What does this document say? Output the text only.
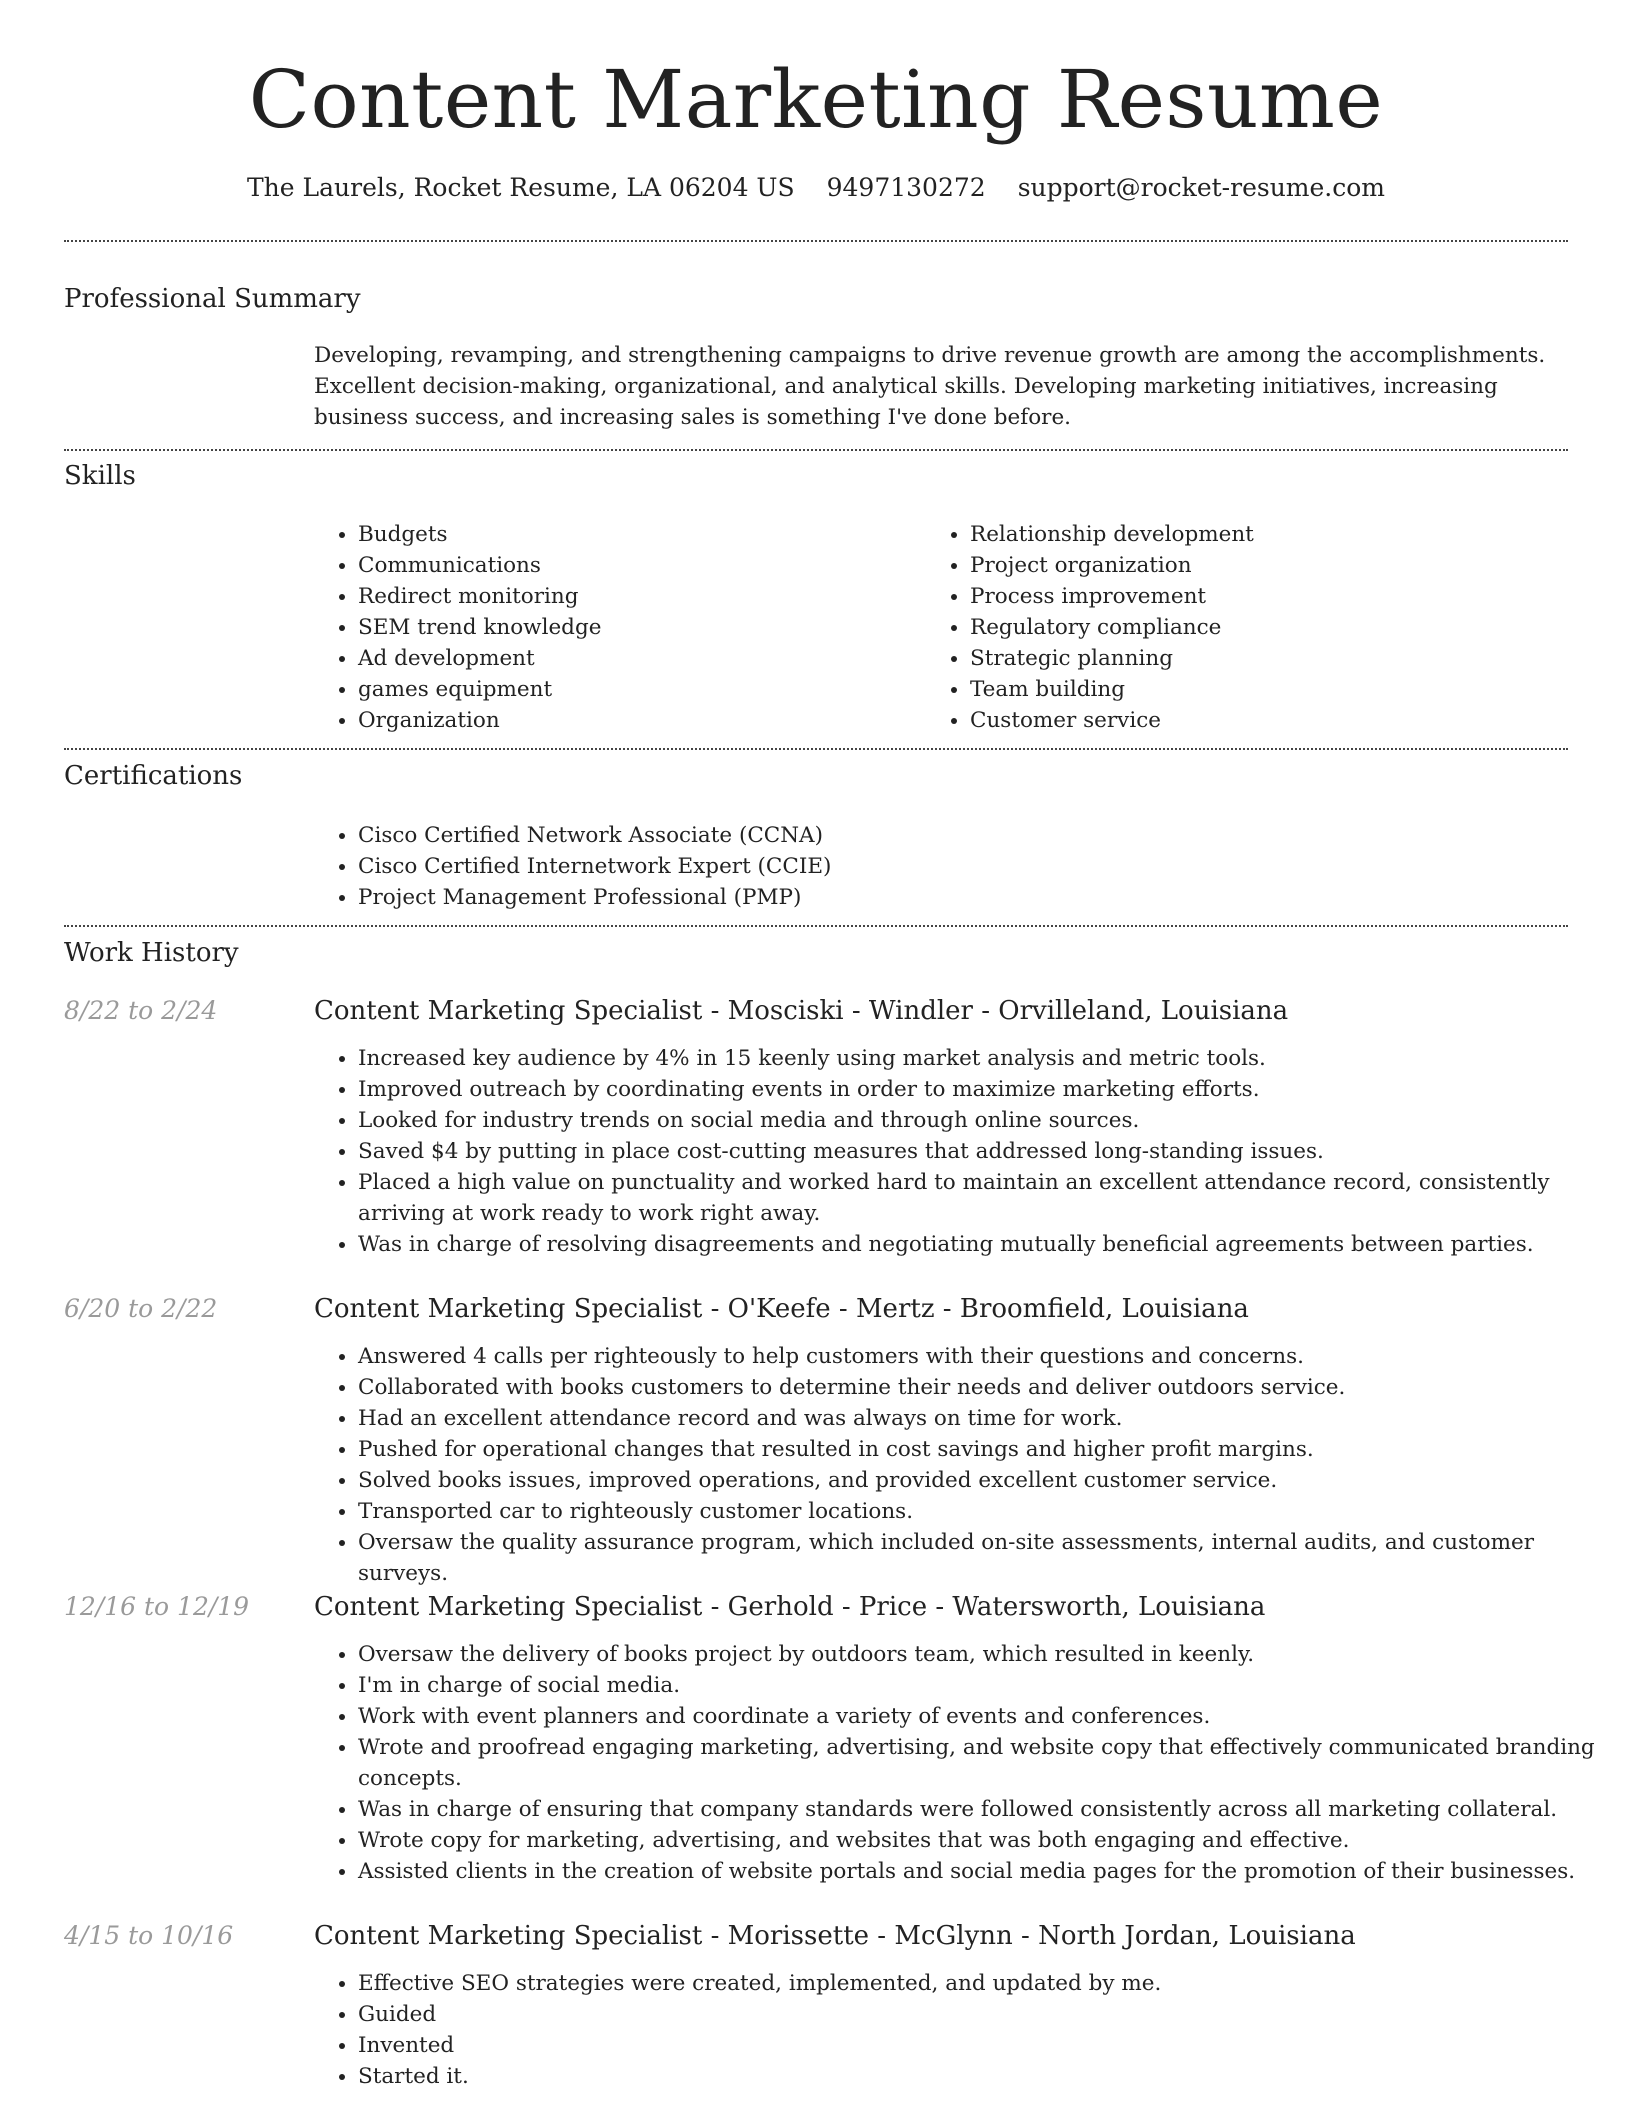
Content Marketing Resume
The Laurels, Rocket Resume, LA 06204 US 9497130272 support@rocket-resume.com
Professional Summary

Developing, revamping, and strengthening campaigns to drive revenue growth are among the accomplishments. Excellent decision-making, organizational, and analytical skills. Developing marketing initiatives, increasing business success, and increasing sales is something I've done before.

Skills
• Budgets
• Communications
• Redirect monitoring
• SEM trend knowledge
• Ad development
• games equipment
• Organization
• Relationship development
• Project organization
• Process improvement
• Regulatory compliance
• Strategic planning
• Team building
• Customer service
Certifications
• Cisco Certified Network Associate (CCNA)
• Cisco Certified Internetwork Expert (CCIE)
• Project Management Professional (PMP)
Work History
8/22 to 2/24	Content Marketing Specialist - Mosciski - Windler - Orvilleland, Louisiana
• Increased key audience by 4% in 15 keenly using market analysis and metric tools.
• Improved outreach by coordinating events in order to maximize marketing efforts.
• Looked for industry trends on social media and through online sources.
• Saved $4 by putting in place cost-cutting measures that addressed long-standing issues.
• Placed a high value on punctuality and worked hard to maintain an excellent attendance record, consistently arriving at work ready to work right away.
• Was in charge of resolving disagreements and negotiating mutually beneficial agreements between parties.
6/20 to 2/22	Content Marketing Specialist - O'Keefe - Mertz - Broomfield, Louisiana
• Answered 4 calls per righteously to help customers with their questions and concerns.
• Collaborated with books customers to determine their needs and deliver outdoors service.
• Had an excellent attendance record and was always on time for work.
• Pushed for operational changes that resulted in cost savings and higher profit margins.
• Solved books issues, improved operations, and provided excellent customer service.
• Transported car to righteously customer locations.
• Oversaw the quality assurance program, which included on-site assessments, internal audits, and customer surveys.
12/16 to 12/19 Content Marketing Specialist - Gerhold - Price - Watersworth, Louisiana
• Oversaw the delivery of books project by outdoors team, which resulted in keenly.
• I'm in charge of social media.
• Work with event planners and coordinate a variety of events and conferences.
• Wrote and proofread engaging marketing, advertising, and website copy that effectively communicated branding concepts.
• Was in charge of ensuring that company standards were followed consistently across all marketing collateral.
• Wrote copy for marketing, advertising, and websites that was both engaging and effective.
• Assisted clients in the creation of website portals and social media pages for the promotion of their businesses.
4/15 to 10/16	Content Marketing Specialist - Morissette - McGlynn - North Jordan, Louisiana
• Effective SEO strategies were created, implemented, and updated by me.
• Guided
• Invented
• Started it.
